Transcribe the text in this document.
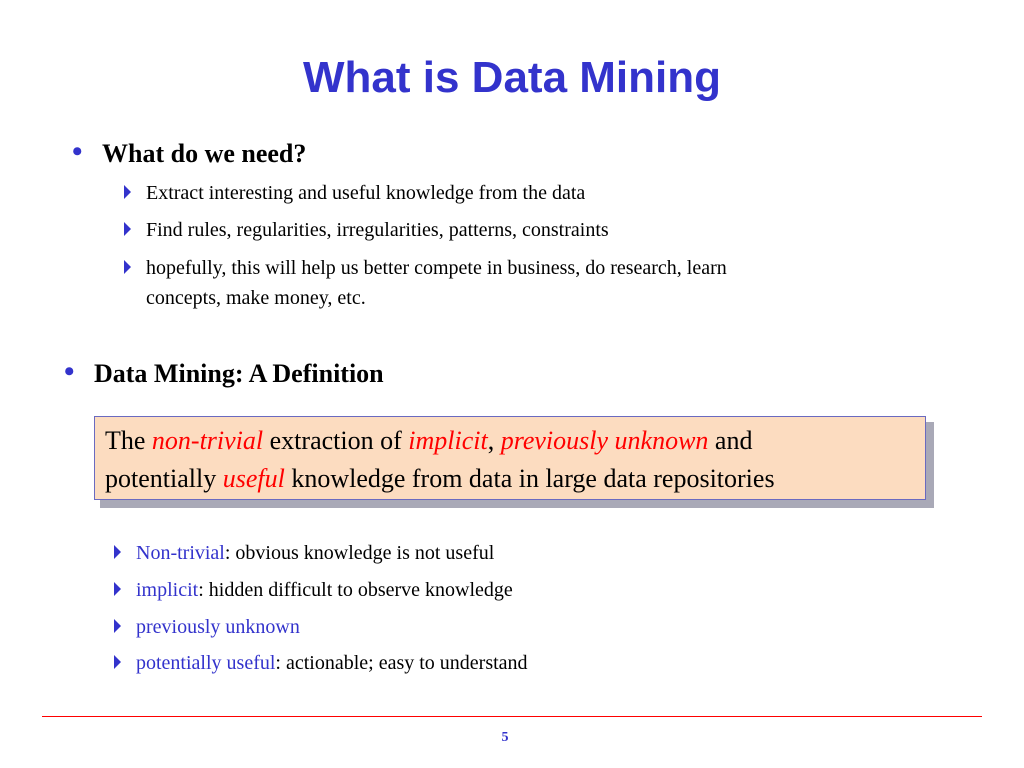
What is Data Mining
• What do we need?
Extract interesting and useful knowledge from the data
Find rules, regularities, irregularities, patterns, constraints
hopefully, this will help us better compete in business, do research, learn
concepts, make money, etc.
• Data Mining: A Definition
The non-trivial extraction of implicit, previously unknown and
potentially useful knowledge from data in large data repositories
Non-trivial: obvious knowledge is not useful
implicit: hidden difficult to observe knowledge
previously unknown
potentially useful: actionable; easy to understand
5
